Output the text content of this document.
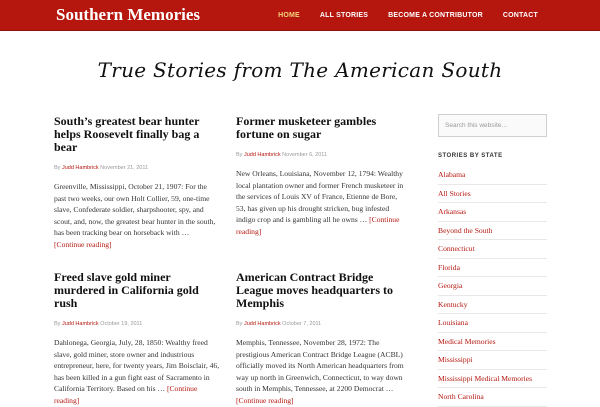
Southern Memories	HOME	ALL STORIES	BECOME A CONTRIBUTOR	CONTACT
True Stories from The American South
South’s greatest bear hunter helps Roosevelt finally bag a bear
By Judd Hambrick November 21, 2011
Greenville, Mississippi, October 21, 1907: For the past two weeks, our own Holt Collier, 59, one-time slave, Confederate soldier, sharpshooter, spy, and scout, and, now, the greatest bear hunter in the south, has been tracking bear on horseback with … [Continue reading]
Former musketeer gambles fortune on sugar
By Judd Hambrick November 6, 2011
New Orleans, Louisiana, November 12, 1794: Wealthy local plantation owner and former French musketeer in the services of Louis XV of France, Etienne de Bore, 53, has given up his drought stricken, bug infested indigo crop and is gambling all he owns … [Continue reading]
Freed slave gold miner murdered in California gold rush
By Judd Hambrick October 19, 2011
Dahlonega, Georgia, July, 28, 1850: Wealthy freed slave, gold miner, store owner and industrious entrepreneur, here, for twenty years, Jim Boisclair, 46, has been killed in a gun fight east of Sacramento in California Territory. Based on his … [Continue reading]
American Contract Bridge League moves headquarters to Memphis
By Judd Hambrick October 7, 2011
Memphis, Tennessee, November 28, 1972: The prestigious American Contract Bridge League (ACBL) officially moved its North American headquarters from way up north in Greenwich, Connecticut, to way down south in Memphis, Tennessee, at 2200 Democrat … [Continue reading]
Search this website…
STORIES BY STATE
Alabama
All Stories
Arkansas
Beyond the South
Connecticut
Florida
Georgia
Kentucky
Louisiana
Medical Memories
Mississippi
Mississippi Medical Memories
North Carolina
